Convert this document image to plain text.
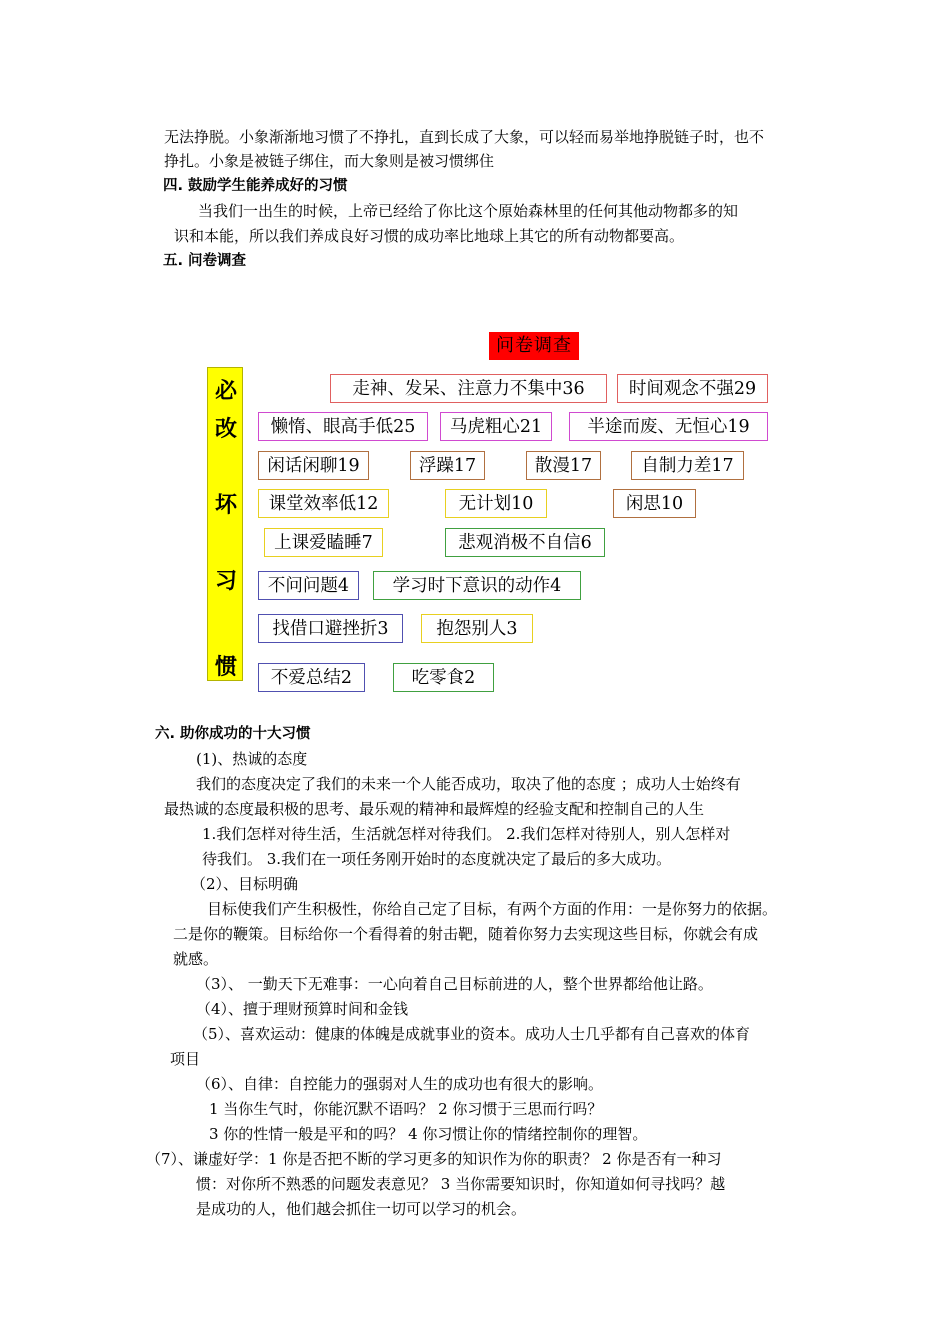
无法挣脱。小象渐渐地习惯了不挣扎，直到长成了大象，可以轻而易举地挣脱链子时，也不
挣扎。小象是被链子绑住，而大象则是被习惯绑住
四. 鼓励学生能养成好的习惯
当我们一出生的时候，上帝已经给了你比这个原始森林里的任何其他动物都多的知
识和本能，所以我们养成良好习惯的成功率比地球上其它的所有动物都要高。
五. 问卷调查
问卷调查
必
改
坏
习
惯
走神、发呆、注意力不集中36	时间观念不强29
懒惰、眼高手低25	马虎粗心21	半途而废、无恒心19
闲话闲聊19	浮躁17	散漫17	自制力差17
课堂效率低12	无计划10	闲思10
上课爱瞌睡7	悲观消极不自信6
不问问题4	学习时下意识的动作4
找借口避挫折3	抱怨别人3
不爱总结2	吃零食2
六. 助你成功的十大习惯
(1)、热诚的态度
我们的态度决定了我们的未来一个人能否成功，取决了他的态度 ；成功人士始终有
最热诚的态度最积极的思考、最乐观的精神和最辉煌的经验支配和控制自己的人生
1.我们怎样对待生活，生活就怎样对待我们。 2.我们怎样对待别人，别人怎样对
待我们。 3.我们在一项任务刚开始时的态度就决定了最后的多大成功。
（2）、目标明确
目标使我们产生积极性，你给自己定了目标，有两个方面的作用：一是你努力的依据。
二是你的鞭策。目标给你一个看得着的射击靶，随着你努力去实现这些目标，你就会有成
就感。
（3）、 一勤天下无难事：一心向着自己目标前进的人，整个世界都给他让路。
（4）、擅于理财预算时间和金钱
（5）、喜欢运动：健康的体魄是成就事业的资本。成功人士几乎都有自己喜欢的体育
项目
（6）、自律：自控能力的强弱对人生的成功也有很大的影响。
1 当你生气时，你能沉默不语吗？ 2 你习惯于三思而行吗？
3 你的性情一般是平和的吗？ 4 你习惯让你的情绪控制你的理智。
（7）、谦虚好学：1 你是否把不断的学习更多的知识作为你的职责？ 2 你是否有一种习
惯：对你所不熟悉的问题发表意见？ 3 当你需要知识时，你知道如何寻找吗？越
是成功的人，他们越会抓住一切可以学习的机会。
